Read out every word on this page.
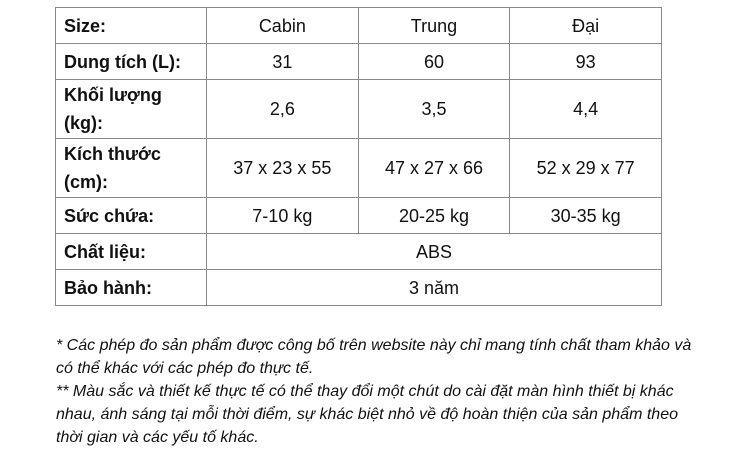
Size:	Cabin	Trung	Đại
Dung tích (L):	31	60	93
Khối lượng (kg):	2,6	3,5	4,4
Kích thước (cm):	37 x 23 x 55	47 x 27 x 66	52 x 29 x 77
Sức chứa:	7-10 kg	20-25 kg	30-35 kg
Chất liệu:	ABS		
Bảo hành:	3 năm		

* Các phép đo sản phẩm được công bố trên website này chỉ mang tính chất tham khảo và có thể khác với các phép đo thực tế.

** Màu sắc và thiết kế thực tế có thể thay đổi một chút do cài đặt màn hình thiết bị khác nhau, ánh sáng tại mỗi thời điểm, sự khác biệt nhỏ về độ hoàn thiện của sản phẩm theo thời gian và các yếu tố khác.
